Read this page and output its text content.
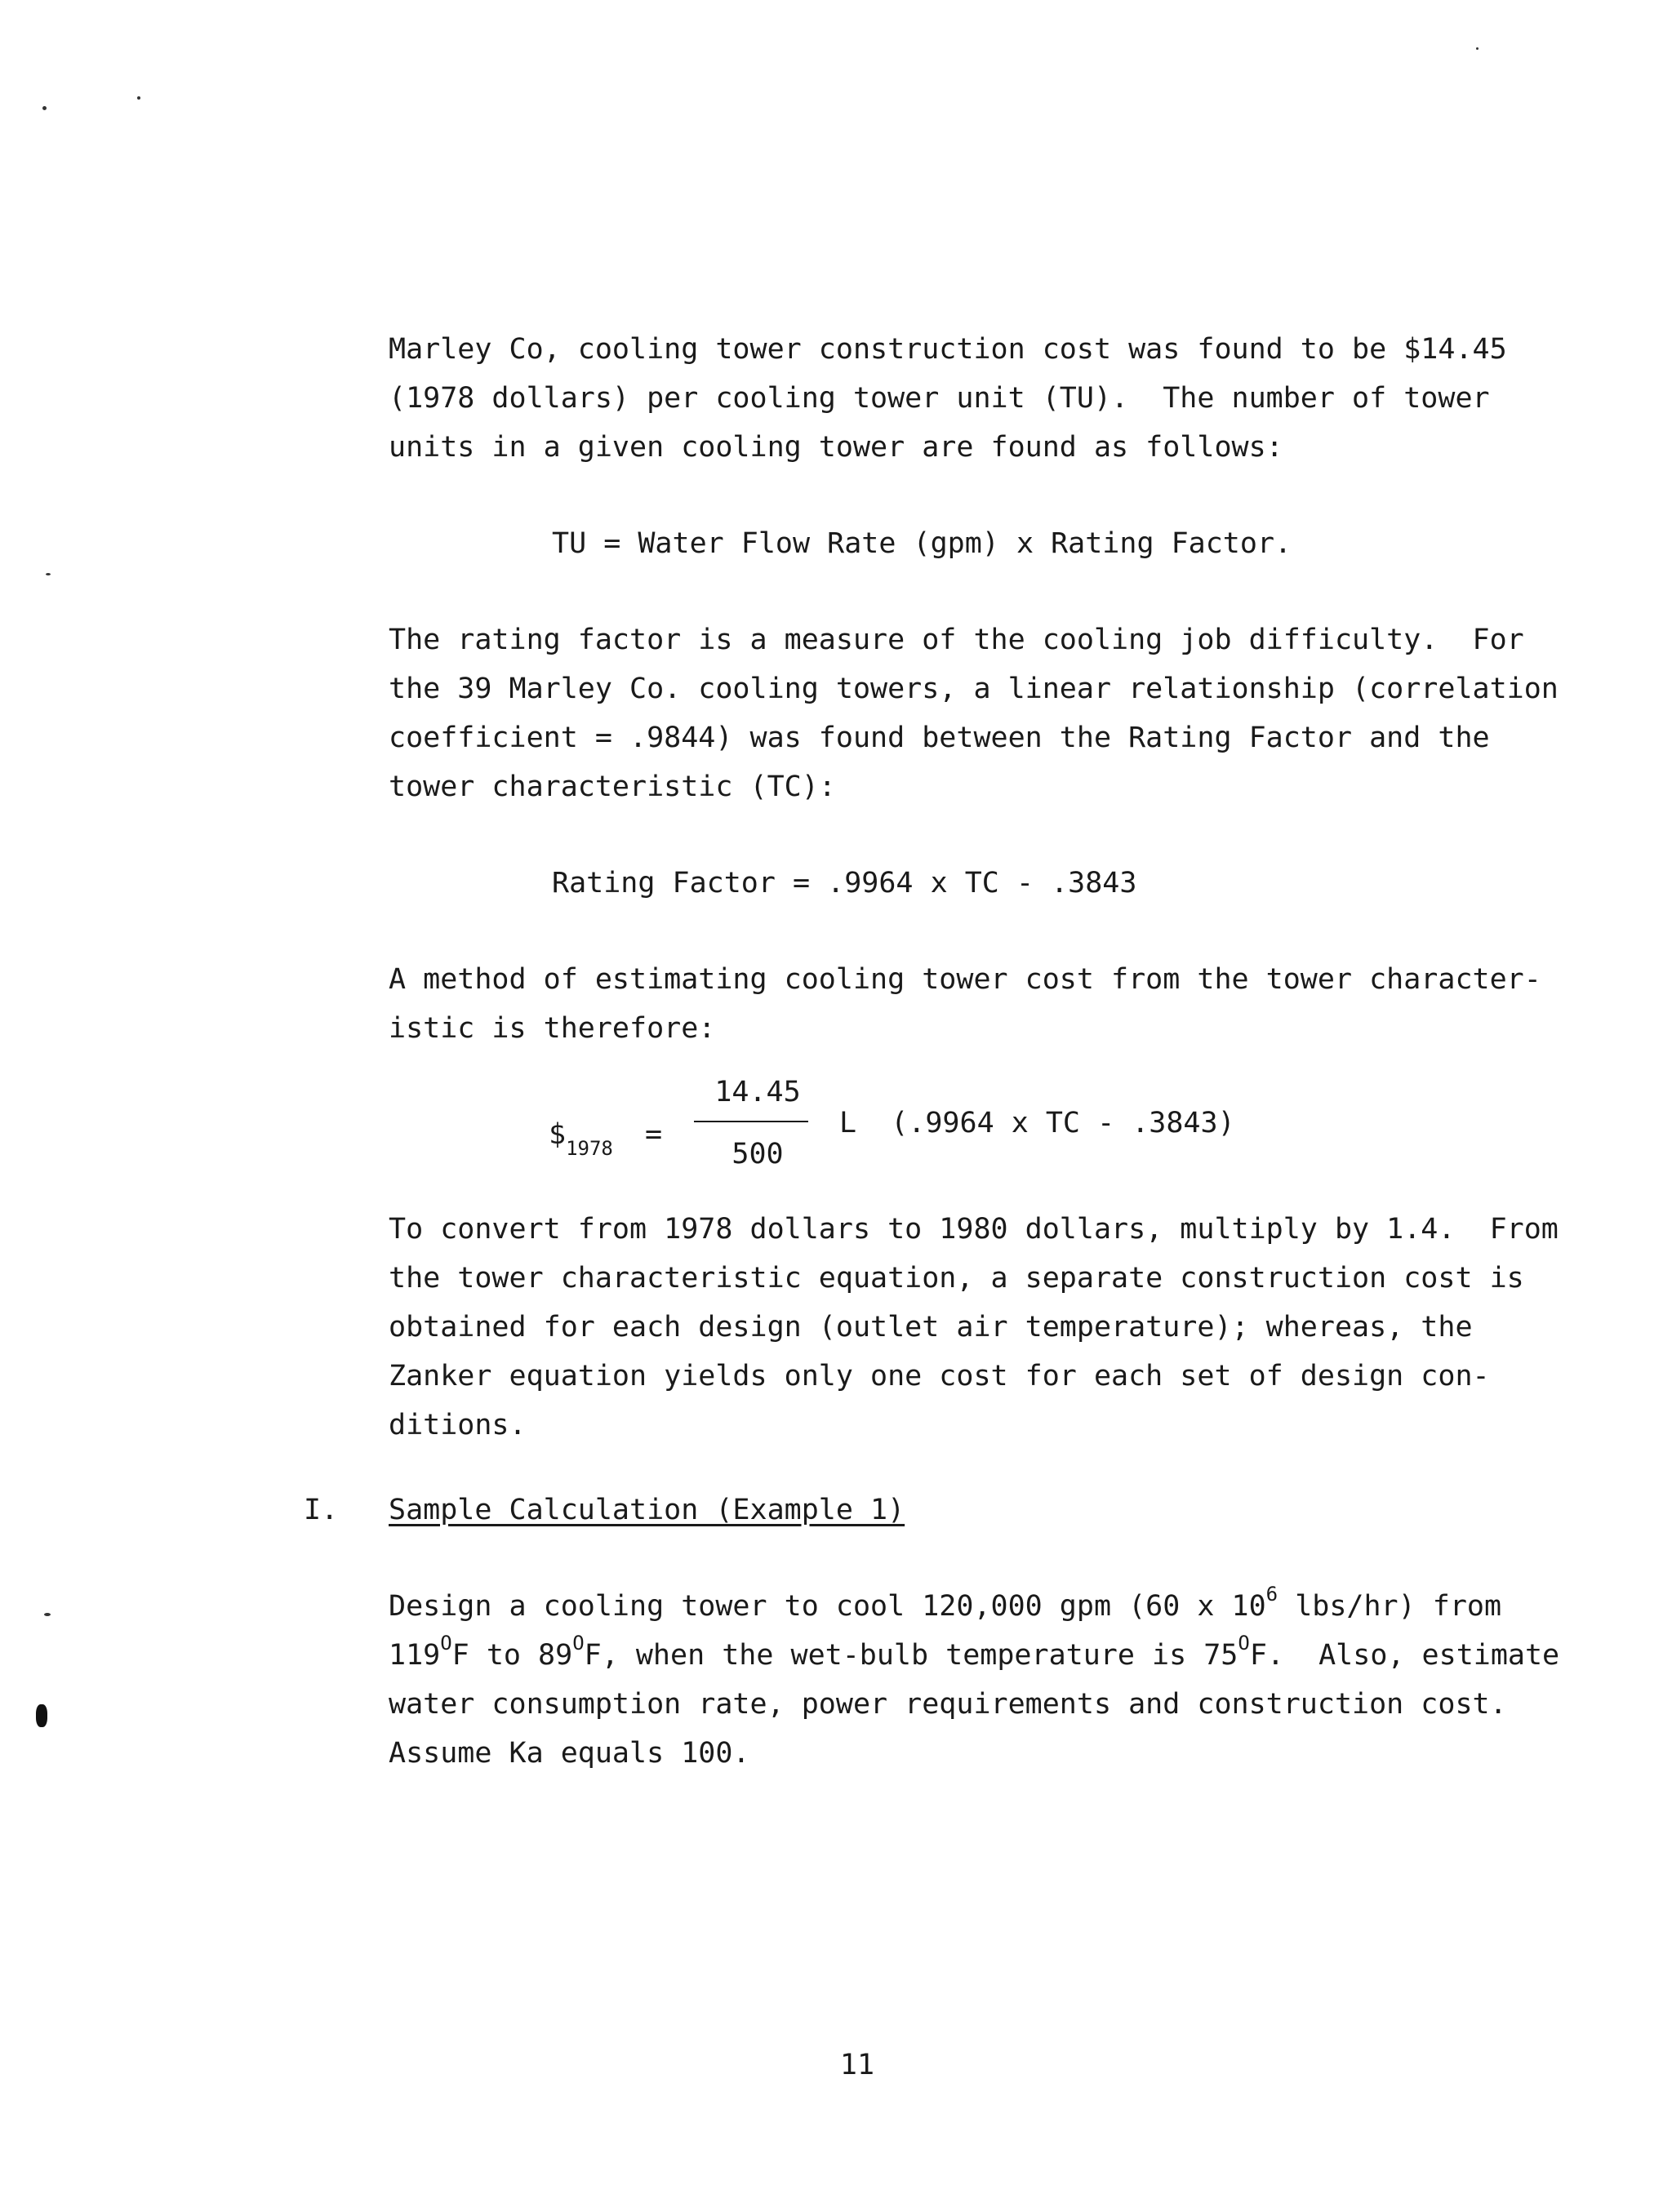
Marley Co, cooling tower construction cost was found to be $14.45
(1978 dollars) per cooling tower unit (TU).  The number of tower
units in a given cooling tower are found as follows:
TU = Water Flow Rate (gpm) x Rating Factor.
The rating factor is a measure of the cooling job difficulty.  For
the 39 Marley Co. cooling towers, a linear relationship (correlation
coefficient = .9844) was found between the Rating Factor and the
tower characteristic (TC):
Rating Factor = .9964 x TC - .3843
A method of estimating cooling tower cost from the tower character-
istic is therefore:
$\$_{1978}$ =
14.45
500
L  (.9964 x TC - .3843)
To convert from 1978 dollars to 1980 dollars, multiply by 1.4.  From
the tower characteristic equation, a separate construction cost is
obtained for each design (outlet air temperature); whereas, the
Zanker equation yields only one cost for each set of design con-
ditions.
I. Sample Calculation (Example 1)
Design a cooling tower to cool 120,000 gpm (60 x $10^6$ lbs/hr) from
$119^OF$ to $89^OF$, when the wet-bulb temperature is $75^OF$.  Also, estimate
water consumption rate, power requirements and construction cost.
Assume Ka equals 100.
11
